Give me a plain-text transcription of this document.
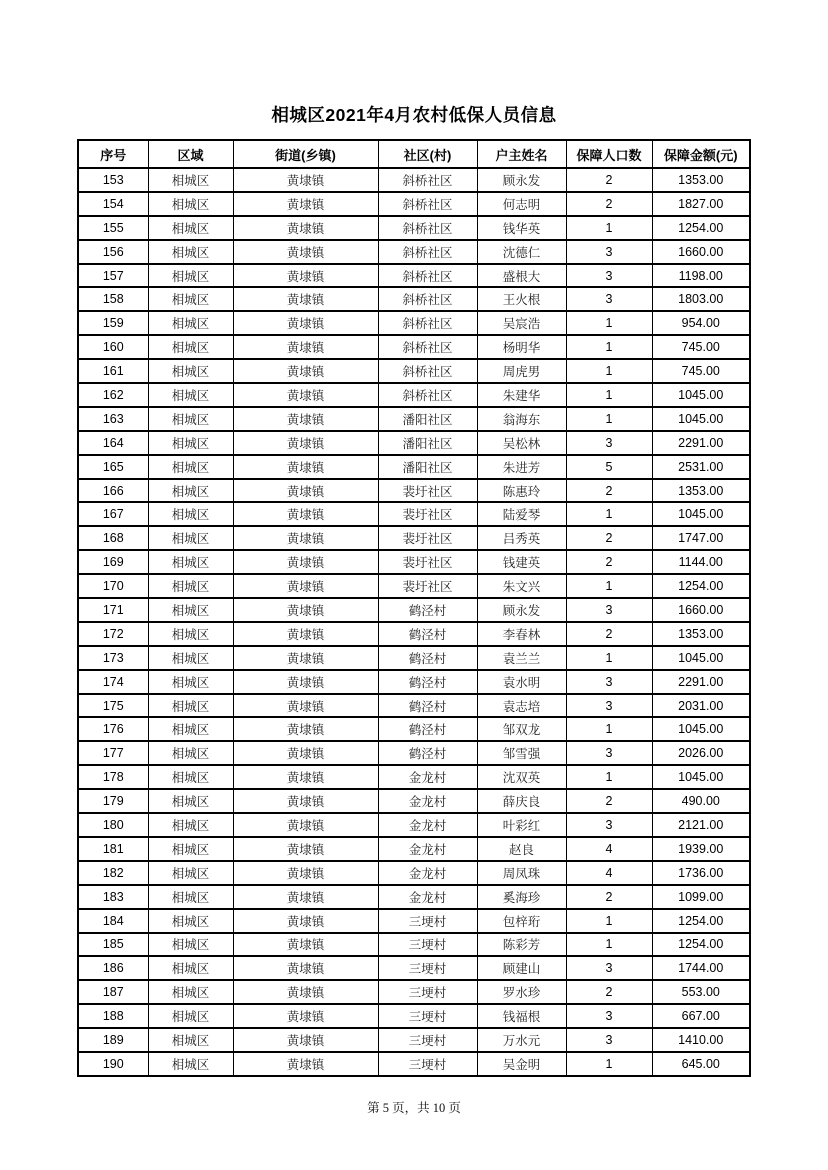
相城区2021年4月农村低保人员信息
序号	区域	街道(乡镇)	社区(村)	户主姓名	保障人口数	保障金额(元)
153	相城区	黄埭镇	斜桥社区	顾永发	2	1353.00
154	相城区	黄埭镇	斜桥社区	何志明	2	1827.00
155	相城区	黄埭镇	斜桥社区	钱华英	1	1254.00
156	相城区	黄埭镇	斜桥社区	沈德仁	3	1660.00
157	相城区	黄埭镇	斜桥社区	盛根大	3	1198.00
158	相城区	黄埭镇	斜桥社区	王火根	3	1803.00
159	相城区	黄埭镇	斜桥社区	吴宸浩	1	954.00
160	相城区	黄埭镇	斜桥社区	杨明华	1	745.00
161	相城区	黄埭镇	斜桥社区	周虎男	1	745.00
162	相城区	黄埭镇	斜桥社区	朱建华	1	1045.00
163	相城区	黄埭镇	潘阳社区	翁海东	1	1045.00
164	相城区	黄埭镇	潘阳社区	吴松林	3	2291.00
165	相城区	黄埭镇	潘阳社区	朱进芳	5	2531.00
166	相城区	黄埭镇	裴圩社区	陈惠玲	2	1353.00
167	相城区	黄埭镇	裴圩社区	陆爱琴	1	1045.00
168	相城区	黄埭镇	裴圩社区	吕秀英	2	1747.00
169	相城区	黄埭镇	裴圩社区	钱建英	2	1144.00
170	相城区	黄埭镇	裴圩社区	朱文兴	1	1254.00
171	相城区	黄埭镇	鹤泾村	顾永发	3	1660.00
172	相城区	黄埭镇	鹤泾村	李春林	2	1353.00
173	相城区	黄埭镇	鹤泾村	袁兰兰	1	1045.00
174	相城区	黄埭镇	鹤泾村	袁水明	3	2291.00
175	相城区	黄埭镇	鹤泾村	袁志培	3	2031.00
176	相城区	黄埭镇	鹤泾村	邹双龙	1	1045.00
177	相城区	黄埭镇	鹤泾村	邹雪强	3	2026.00
178	相城区	黄埭镇	金龙村	沈双英	1	1045.00
179	相城区	黄埭镇	金龙村	薛庆良	2	490.00
180	相城区	黄埭镇	金龙村	叶彩红	3	2121.00
181	相城区	黄埭镇	金龙村	赵良	4	1939.00
182	相城区	黄埭镇	金龙村	周凤珠	4	1736.00
183	相城区	黄埭镇	金龙村	奚海珍	2	1099.00
184	相城区	黄埭镇	三埂村	包梓珩	1	1254.00
185	相城区	黄埭镇	三埂村	陈彩芳	1	1254.00
186	相城区	黄埭镇	三埂村	顾建山	3	1744.00
187	相城区	黄埭镇	三埂村	罗水珍	2	553.00
188	相城区	黄埭镇	三埂村	钱福根	3	667.00
189	相城区	黄埭镇	三埂村	万水元	3	1410.00
190	相城区	黄埭镇	三埂村	吴金明	1	645.00
第 5 页，共 10 页
